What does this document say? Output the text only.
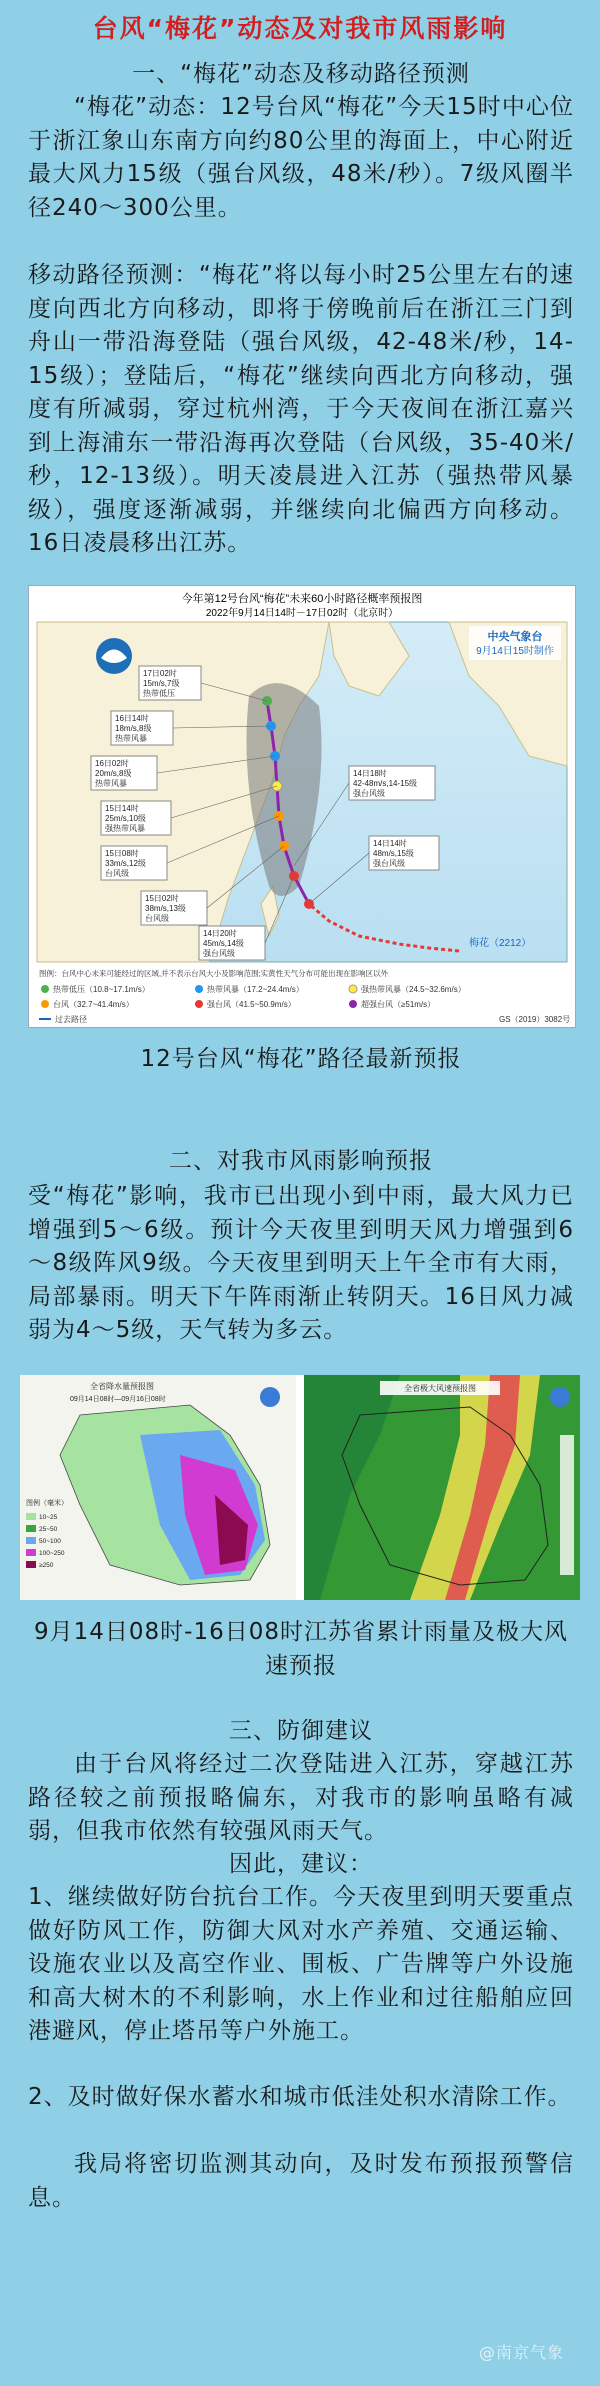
台风“梅花”动态及对我市风雨影响
一、“梅花”动态及移动路径预测
“梅花”动态：12号台风“梅花”今天15时中心位于浙江象山东南方向约80公里的海面上，中心附近最大风力15级（强台风级，48米/秒）。7级风圈半径240～300公里。
移动路径预测：“梅花”将以每小时25公里左右的速度向西北方向移动，即将于傍晚前后在浙江三门到舟山一带沿海登陆（强台风级，42-48米/秒，14-15级）；登陆后，“梅花”继续向西北方向移动，强度有所减弱，穿过杭州湾，于今天夜间在浙江嘉兴到上海浦东一带沿海再次登陆（台风级，35-40米/秒，12-13级）。明天凌晨进入江苏（强热带风暴级），强度逐渐减弱，并继续向北偏西方向移动。16日凌晨移出江苏。
今年第12号台风“梅花”未来60小时路径概率预报图
2022年9月14日14时－17日02时（北京时）
梅花（2212）
中央气象台
9月14日15时制作
17日02时
15m/s,7级
热带低压
16日14时
18m/s,8级
热带风暴
16日02时
20m/s,8级
热带风暴
15日14时
25m/s,10级
强热带风暴
15日08时
33m/s,12级
台风级
15日02时
38m/s,13级
台风级
14日20时
45m/s,14级
强台风级
14日18时
42-48m/s,14-15级
强台风级
14日14时
48m/s,15级
强台风级
图例：台风中心未来可能经过的区域,并不表示台风大小及影响范围;实黄性天气分布可能出现在影响区以外
热带低压（10.8~17.1m/s）	热带风暴（17.2~24.4m/s）	强热带风暴（24.5~32.6m/s）
台风（32.7~41.4m/s）	强台风（41.5~50.9m/s）	超强台风（≥51m/s）
过去路径	GS（2019）3082号
12号台风“梅花”路径最新预报
二、对我市风雨影响预报
受“梅花”影响，我市已出现小到中雨，最大风力已增强到5～6级。预计今天夜里到明天风力增强到6～8级阵风9级。今天夜里到明天上午全市有大雨，局部暴雨。明天下午阵雨渐止转阴天。16日风力减弱为4～5级，天气转为多云。
全省降水量预报图
09月14日08时—09月16日08时
图例（毫米）
10~25
25~50
50~100
100~250
≥250
全省极大风速预报图
9月14日08时-16日08时江苏省累计雨量及极大风速预报
三、防御建议
由于台风将经过二次登陆进入江苏，穿越江苏路径较之前预报略偏东，对我市的影响虽略有减弱，但我市依然有较强风雨天气。
因此，建议：
1、继续做好防台抗台工作。今天夜里到明天要重点做好防风工作，防御大风对水产养殖、交通运输、设施农业以及高空作业、围板、广告牌等户外设施和高大树木的不利影响，水上作业和过往船舶应回港避风，停止塔吊等户外施工。
2、及时做好保水蓄水和城市低洼处积水清除工作。
我局将密切监测其动向，及时发布预报预警信息。
@南京气象
